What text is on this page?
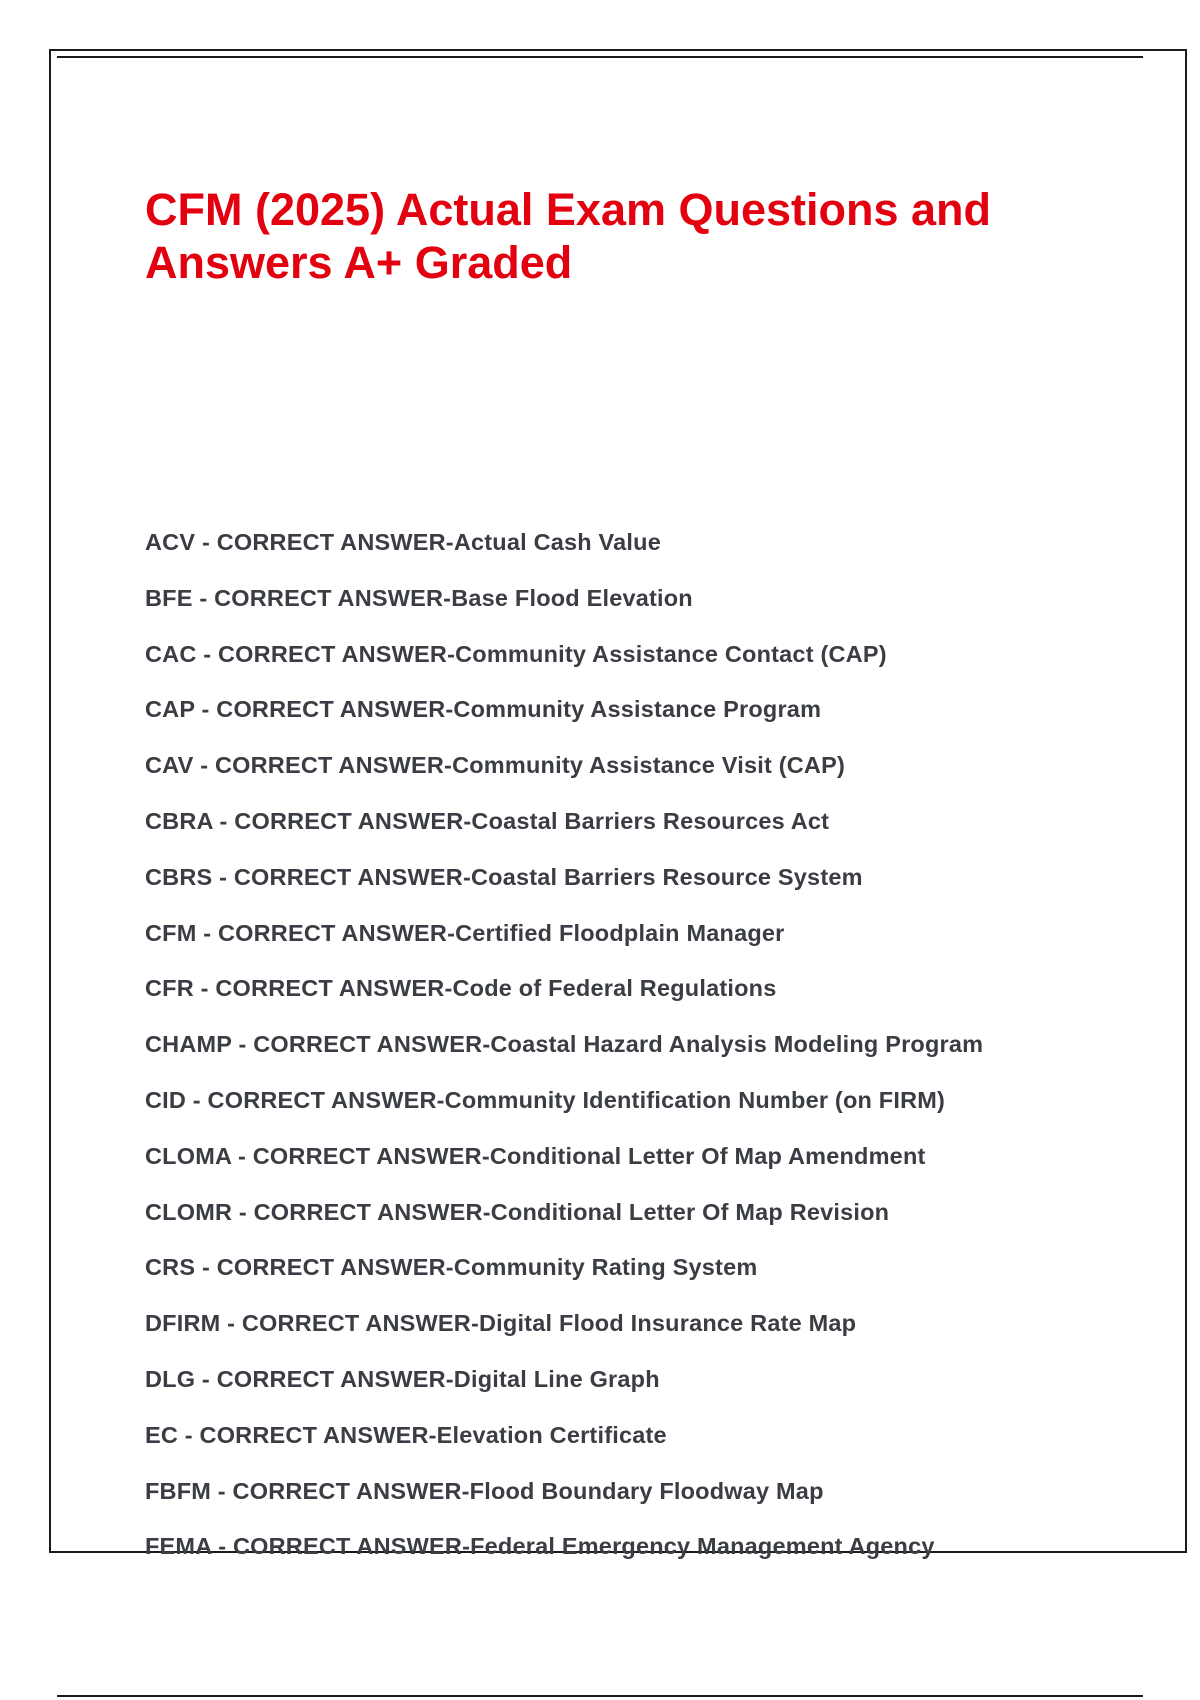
CFM (2025) Actual Exam Questions and Answers A+ Graded
ACV - CORRECT ANSWER-Actual Cash Value
BFE - CORRECT ANSWER-Base Flood Elevation
CAC - CORRECT ANSWER-Community Assistance Contact (CAP)
CAP - CORRECT ANSWER-Community Assistance Program
CAV - CORRECT ANSWER-Community Assistance Visit (CAP)
CBRA - CORRECT ANSWER-Coastal Barriers Resources Act
CBRS - CORRECT ANSWER-Coastal Barriers Resource System
CFM - CORRECT ANSWER-Certified Floodplain Manager
CFR - CORRECT ANSWER-Code of Federal Regulations
CHAMP - CORRECT ANSWER-Coastal Hazard Analysis Modeling Program
CID - CORRECT ANSWER-Community Identification Number (on FIRM)
CLOMA - CORRECT ANSWER-Conditional Letter Of Map Amendment
CLOMR - CORRECT ANSWER-Conditional Letter Of Map Revision
CRS - CORRECT ANSWER-Community Rating System
DFIRM - CORRECT ANSWER-Digital Flood Insurance Rate Map
DLG - CORRECT ANSWER-Digital Line Graph
EC - CORRECT ANSWER-Elevation Certificate
FBFM - CORRECT ANSWER-Flood Boundary Floodway Map
FEMA - CORRECT ANSWER-Federal Emergency Management Agency
